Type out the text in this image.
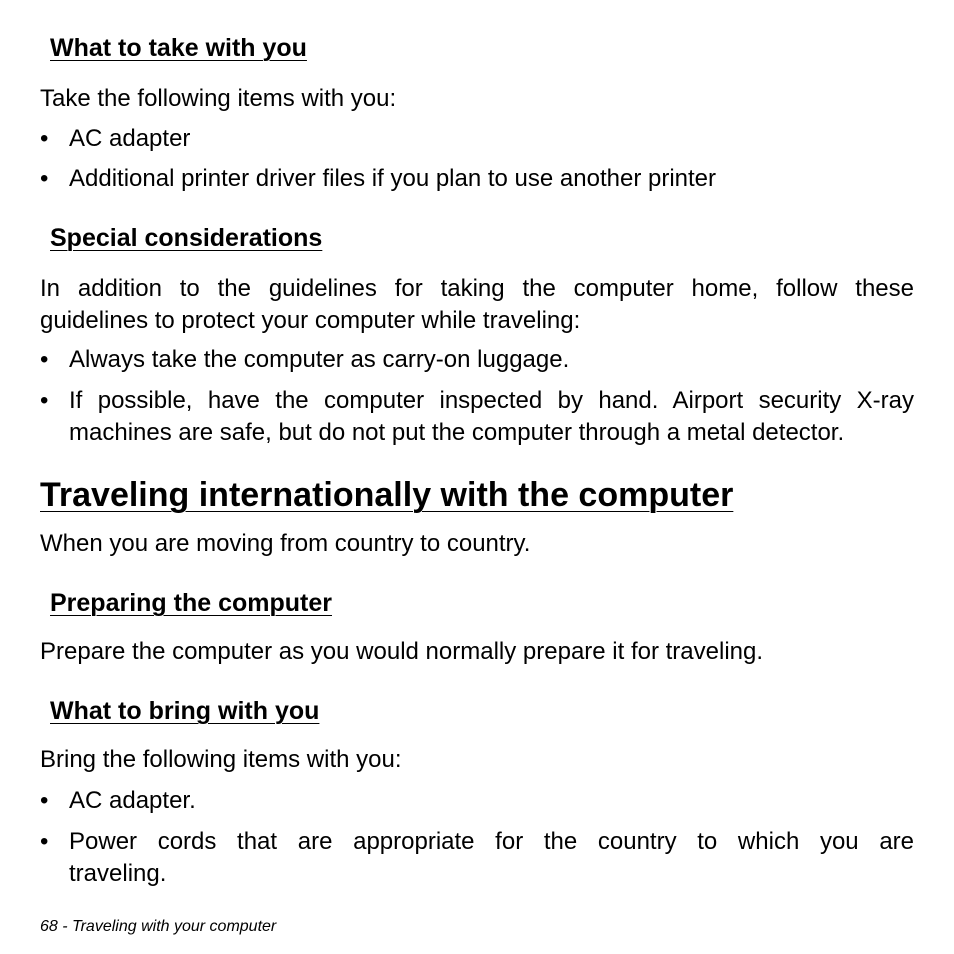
What to take with you

Take the following items with you:

• AC adapter

• Additional printer driver files if you plan to use another printer

Special considerations

In addition to the guidelines for taking the computer home, follow these

guidelines to protect your computer while traveling:

• Always take the computer as carry-on luggage.

• If possible, have the computer inspected by hand. Airport security X-ray

machines are safe, but do not put the computer through a metal detector.

Traveling internationally with the computer

When you are moving from country to country.

Preparing the computer

Prepare the computer as you would normally prepare it for traveling.

What to bring with you

Bring the following items with you:

• AC adapter.

• Power cords that are appropriate for the country to which you are

traveling.

68 - Traveling with your computer
